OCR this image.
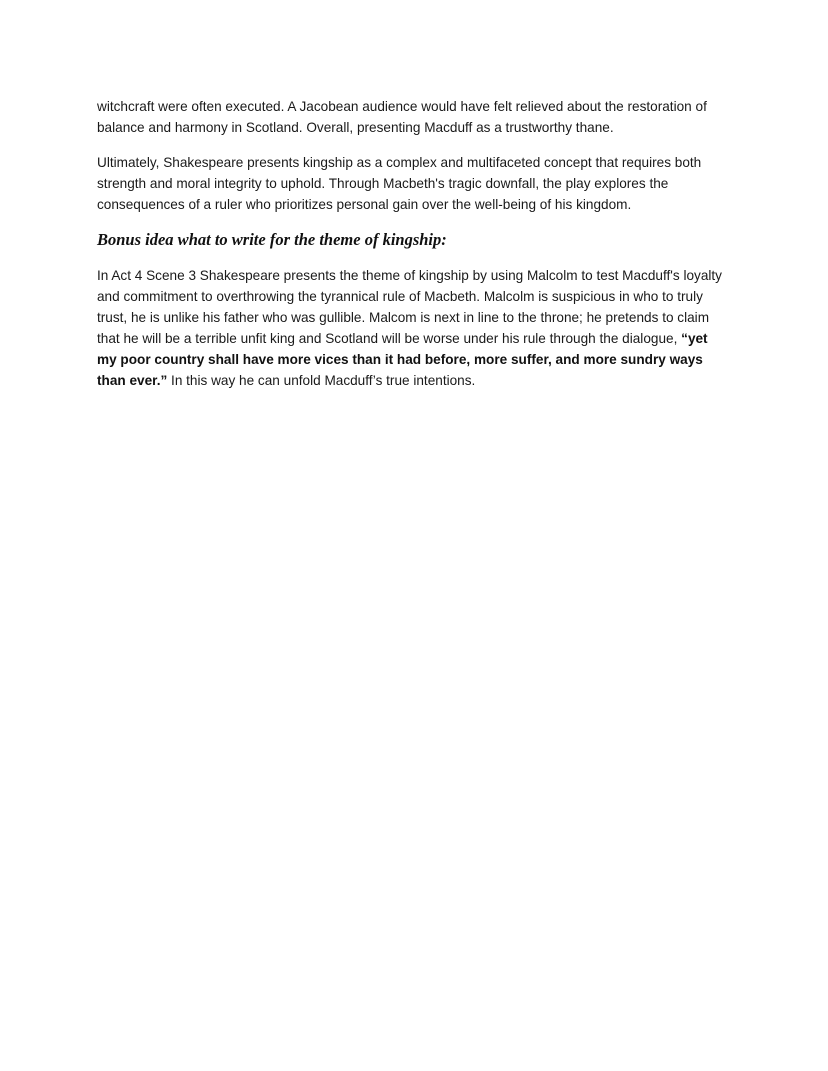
witchcraft were often executed. A Jacobean audience would have felt relieved about the restoration of balance and harmony in Scotland. Overall, presenting Macduff as a trustworthy thane.

Ultimately, Shakespeare presents kingship as a complex and multifaceted concept that requires both strength and moral integrity to uphold. Through Macbeth's tragic downfall, the play explores the consequences of a ruler who prioritizes personal gain over the well-being of his kingdom.

Bonus idea what to write for the theme of kingship:

In Act 4 Scene 3 Shakespeare presents the theme of kingship by using Malcolm to test Macduff's loyalty and commitment to overthrowing the tyrannical rule of Macbeth. Malcolm is suspicious in who to truly trust, he is unlike his father who was gullible. Malcom is next in line to the throne; he pretends to claim that he will be a terrible unfit king and Scotland will be worse under his rule through the dialogue, “yet my poor country shall have more vices than it had before, more suffer, and more sundry ways than ever.” In this way he can unfold Macduff’s true intentions.
